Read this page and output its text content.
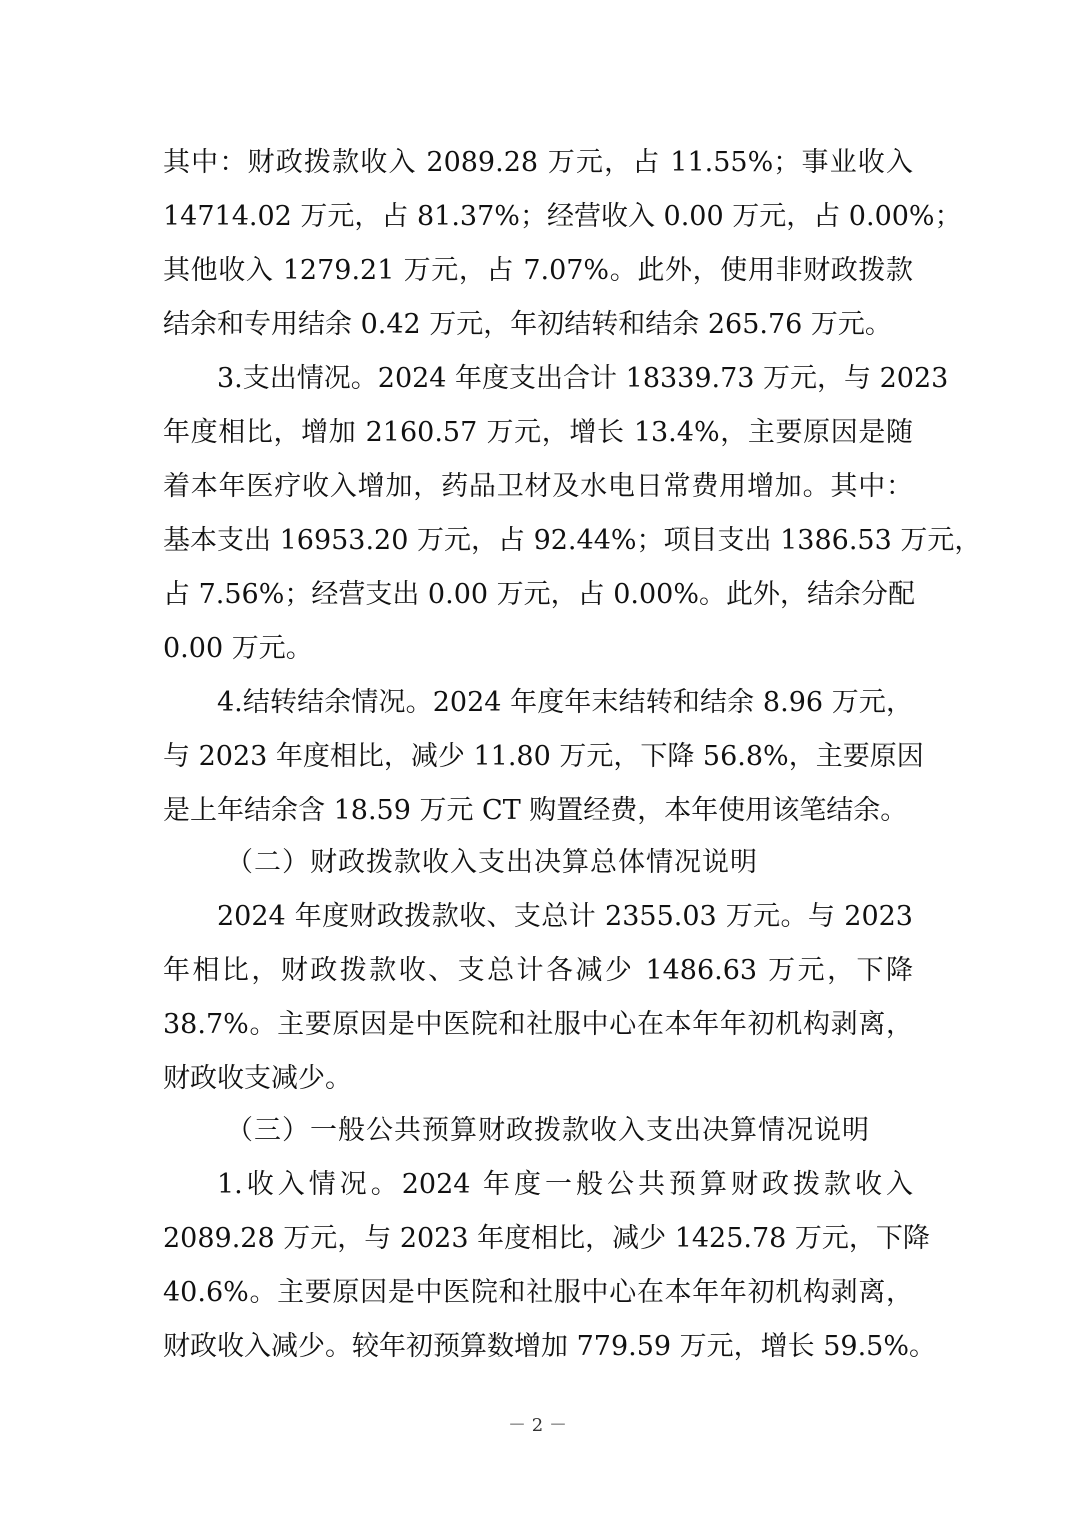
其中：财政拨款收入 2089.28 万元，占 11.55%；事业收入
14714.02 万元，占 81.37%；经营收入 0.00 万元，占 0.00%；
其他收入 1279.21 万元，占 7.07%。此外，使用非财政拨款
结余和专用结余 0.42 万元，年初结转和结余 265.76 万元。
3.支出情况。2024 年度支出合计 18339.73 万元，与 2023
年度相比，增加 2160.57 万元，增长 13.4%，主要原因是随
着本年医疗收入增加，药品卫材及水电日常费用增加。其中：
基本支出 16953.20 万元，占 92.44%；项目支出 1386.53 万元，
占 7.56%；经营支出 0.00 万元，占 0.00%。此外，结余分配
0.00 万元。
4.结转结余情况。2024 年度年末结转和结余 8.96 万元，
与 2023 年度相比，减少 11.80 万元，下降 56.8%，主要原因
是上年结余含 18.59 万元 CT 购置经费，本年使用该笔结余。
（二）财政拨款收入支出决算总体情况说明
2024 年度财政拨款收、支总计 2355.03 万元。与 2023
年相比，财政拨款收、支总计各减少 1486.63 万元，下降
38.7%。主要原因是中医院和社服中心在本年年初机构剥离，
财政收支减少。
（三）一般公共预算财政拨款收入支出决算情况说明
1.收入情况。2024 年度一般公共预算财政拨款收入
2089.28 万元，与 2023 年度相比，减少 1425.78 万元，下降
40.6%。主要原因是中医院和社服中心在本年年初机构剥离，
财政收入减少。较年初预算数增加 779.59 万元，增长 59.5%。
－ 2 －
